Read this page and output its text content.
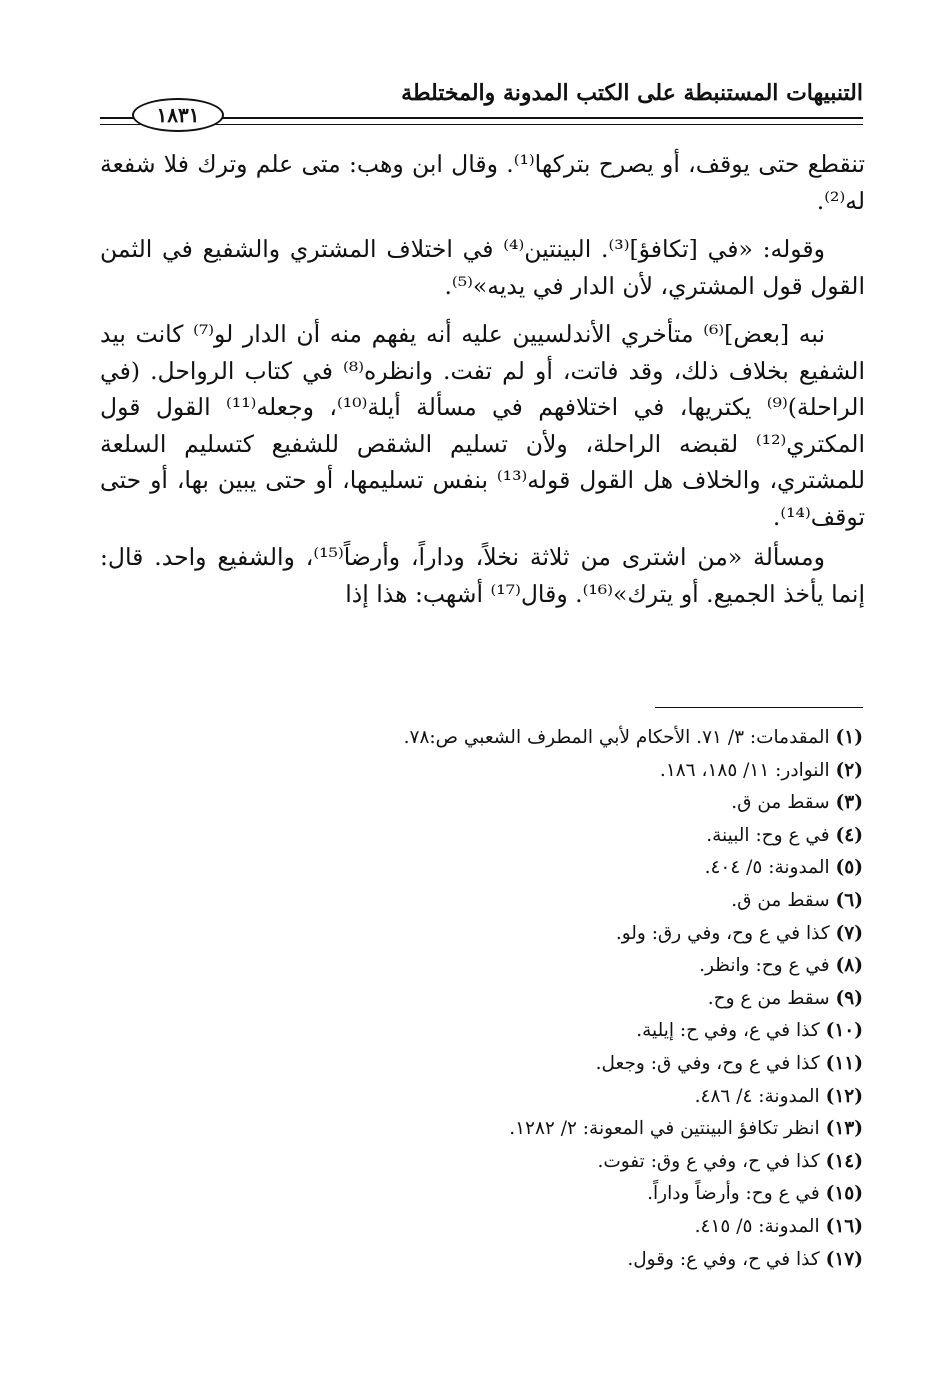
التنبيهات المستنبطة على الكتب المدونة والمختلطة
١٨٣١

تنقطع حتى يوقف، أو يصرح بتركها⁽¹⁾. وقال ابن وهب: متى علم وترك فلا شفعة له⁽²⁾.

وقوله: «في [تكافؤ]⁽³⁾. البينتين⁽⁴⁾ في اختلاف المشتري والشفيع في الثمن القول قول المشتري، لأن الدار في يديه»⁽⁵⁾.

نبه [بعض]⁽⁶⁾ متأخري الأندلسيين عليه أنه يفهم منه أن الدار لو⁽⁷⁾ كانت بيد الشفيع بخلاف ذلك، وقد فاتت، أو لم تفت. وانظره⁽⁸⁾ في كتاب الرواحل. (في الراحلة)⁽⁹⁾ يكتريها، في اختلافهم في مسألة أيلة⁽¹⁰⁾، وجعله⁽¹¹⁾ القول قول المكتري⁽¹²⁾ لقبضه الراحلة، ولأن تسليم الشقص للشفيع كتسليم السلعة للمشتري، والخلاف هل القول قوله⁽¹³⁾ بنفس تسليمها، أو حتى يبين بها، أو حتى توقف⁽¹⁴⁾.

ومسألة «من اشترى من ثلاثة نخلاً، وداراً، وأرضاً⁽¹⁵⁾، والشفيع واحد. قال: إنما يأخذ الجميع. أو يترك»⁽¹⁶⁾. وقال⁽¹⁷⁾ أشهب: هذا إذا

(١) المقدمات: ٣/ ٧١. الأحكام لأبي المطرف الشعبي ص:٧٨.
(٢) النوادر: ١١/ ١٨٥، ١٨٦.
(٣) سقط من ق.
(٤) في ع وح: البينة.
(٥) المدونة: ٥/ ٤٠٤.
(٦) سقط من ق.
(٧) كذا في ع وح، وفي رق: ولو.
(٨) في ع وح: وانظر.
(٩) سقط من ع وح.
(١٠) كذا في ع، وفي ح: إيلية.
(١١) كذا في ع وح، وفي ق: وجعل.
(١٢) المدونة: ٤/ ٤٨٦.
(١٣) انظر تكافؤ البينتين في المعونة: ٢/ ١٢٨٢.
(١٤) كذا في ح، وفي ع وق: تفوت.
(١٥) في ع وح: وأرضاً وداراً.
(١٦) المدونة: ٥/ ٤١٥.
(١٧) كذا في ح، وفي ع: وقول.
